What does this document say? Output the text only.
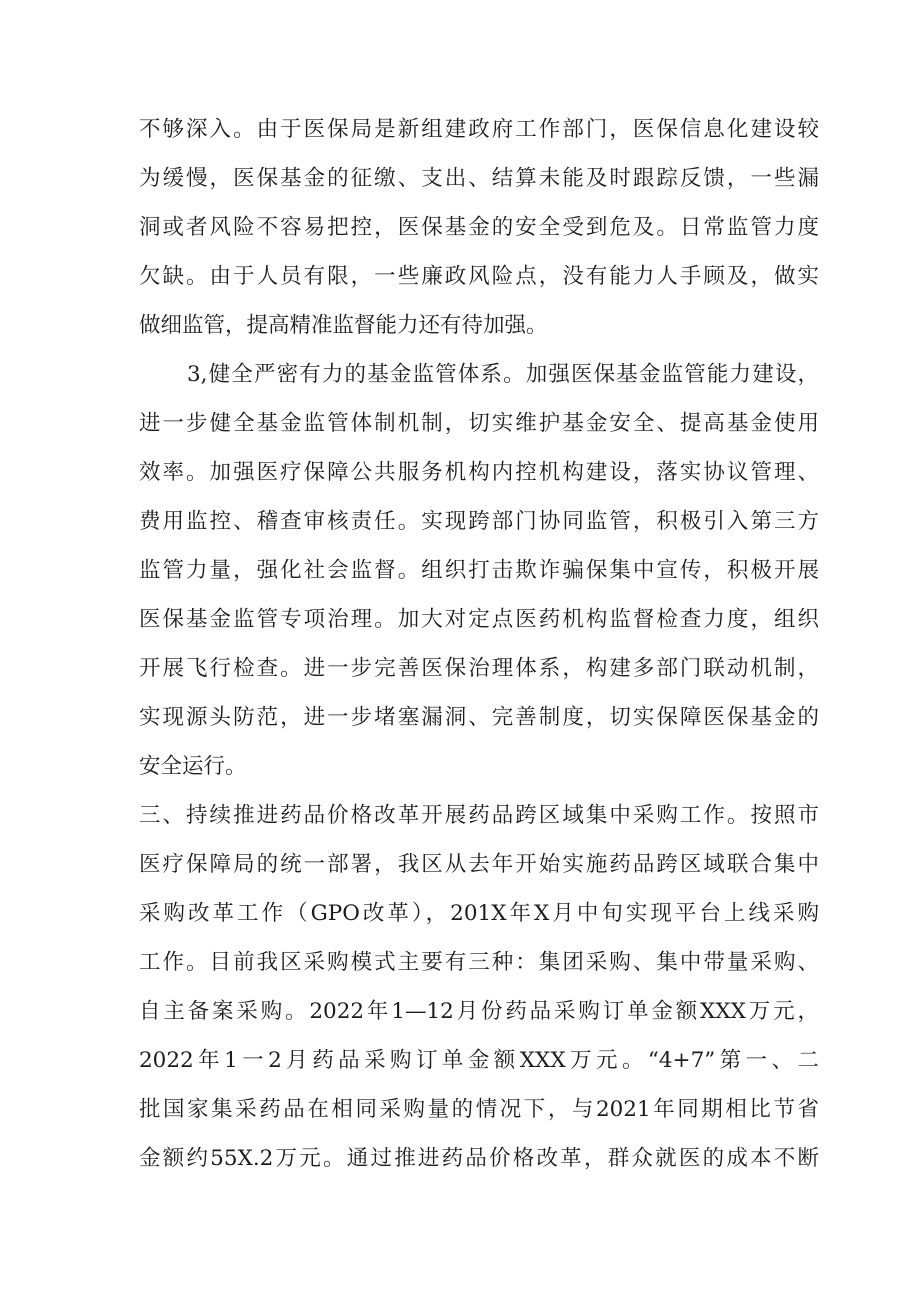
不够深入。由于医保局是新组建政府工作部门，医保信息化建设较
为缓慢，医保基金的征缴、支出、结算未能及时跟踪反馈，一些漏
洞或者风险不容易把控，医保基金的安全受到危及。日常监管力度
欠缺。由于人员有限，一些廉政风险点，没有能力人手顾及，做实
做细监管，提高精准监督能力还有待加强。
3,健全严密有力的基金监管体系。加强医保基金监管能力建设，
进一步健全基金监管体制机制，切实维护基金安全、提高基金使用
效率。加强医疗保障公共服务机构内控机构建设，落实协议管理、
费用监控、稽查审核责任。实现跨部门协同监管，积极引入第三方
监管力量，强化社会监督。组织打击欺诈骗保集中宣传，积极开展
医保基金监管专项治理。加大对定点医药机构监督检查力度，组织
开展飞行检查。进一步完善医保治理体系，构建多部门联动机制，
实现源头防范，进一步堵塞漏洞、完善制度，切实保障医保基金的
安全运行。
三、持续推进药品价格改革开展药品跨区域集中采购工作。按照市
医疗保障局的统一部署，我区从去年开始实施药品跨区域联合集中
采购改革工作（GPO改革），201X年X月中旬实现平台上线采购
工作。目前我区采购模式主要有三种：集团采购、集中带量采购、
自主备案采购。2022年1—12月份药品采购订单金额XXX万元，
2022年1一2月药品采购订单金额XXX万元。“4+7”第一、二
批国家集采药品在相同采购量的情况下，与2021年同期相比节省
金额约55X.2万元。通过推进药品价格改革，群众就医的成本不断
